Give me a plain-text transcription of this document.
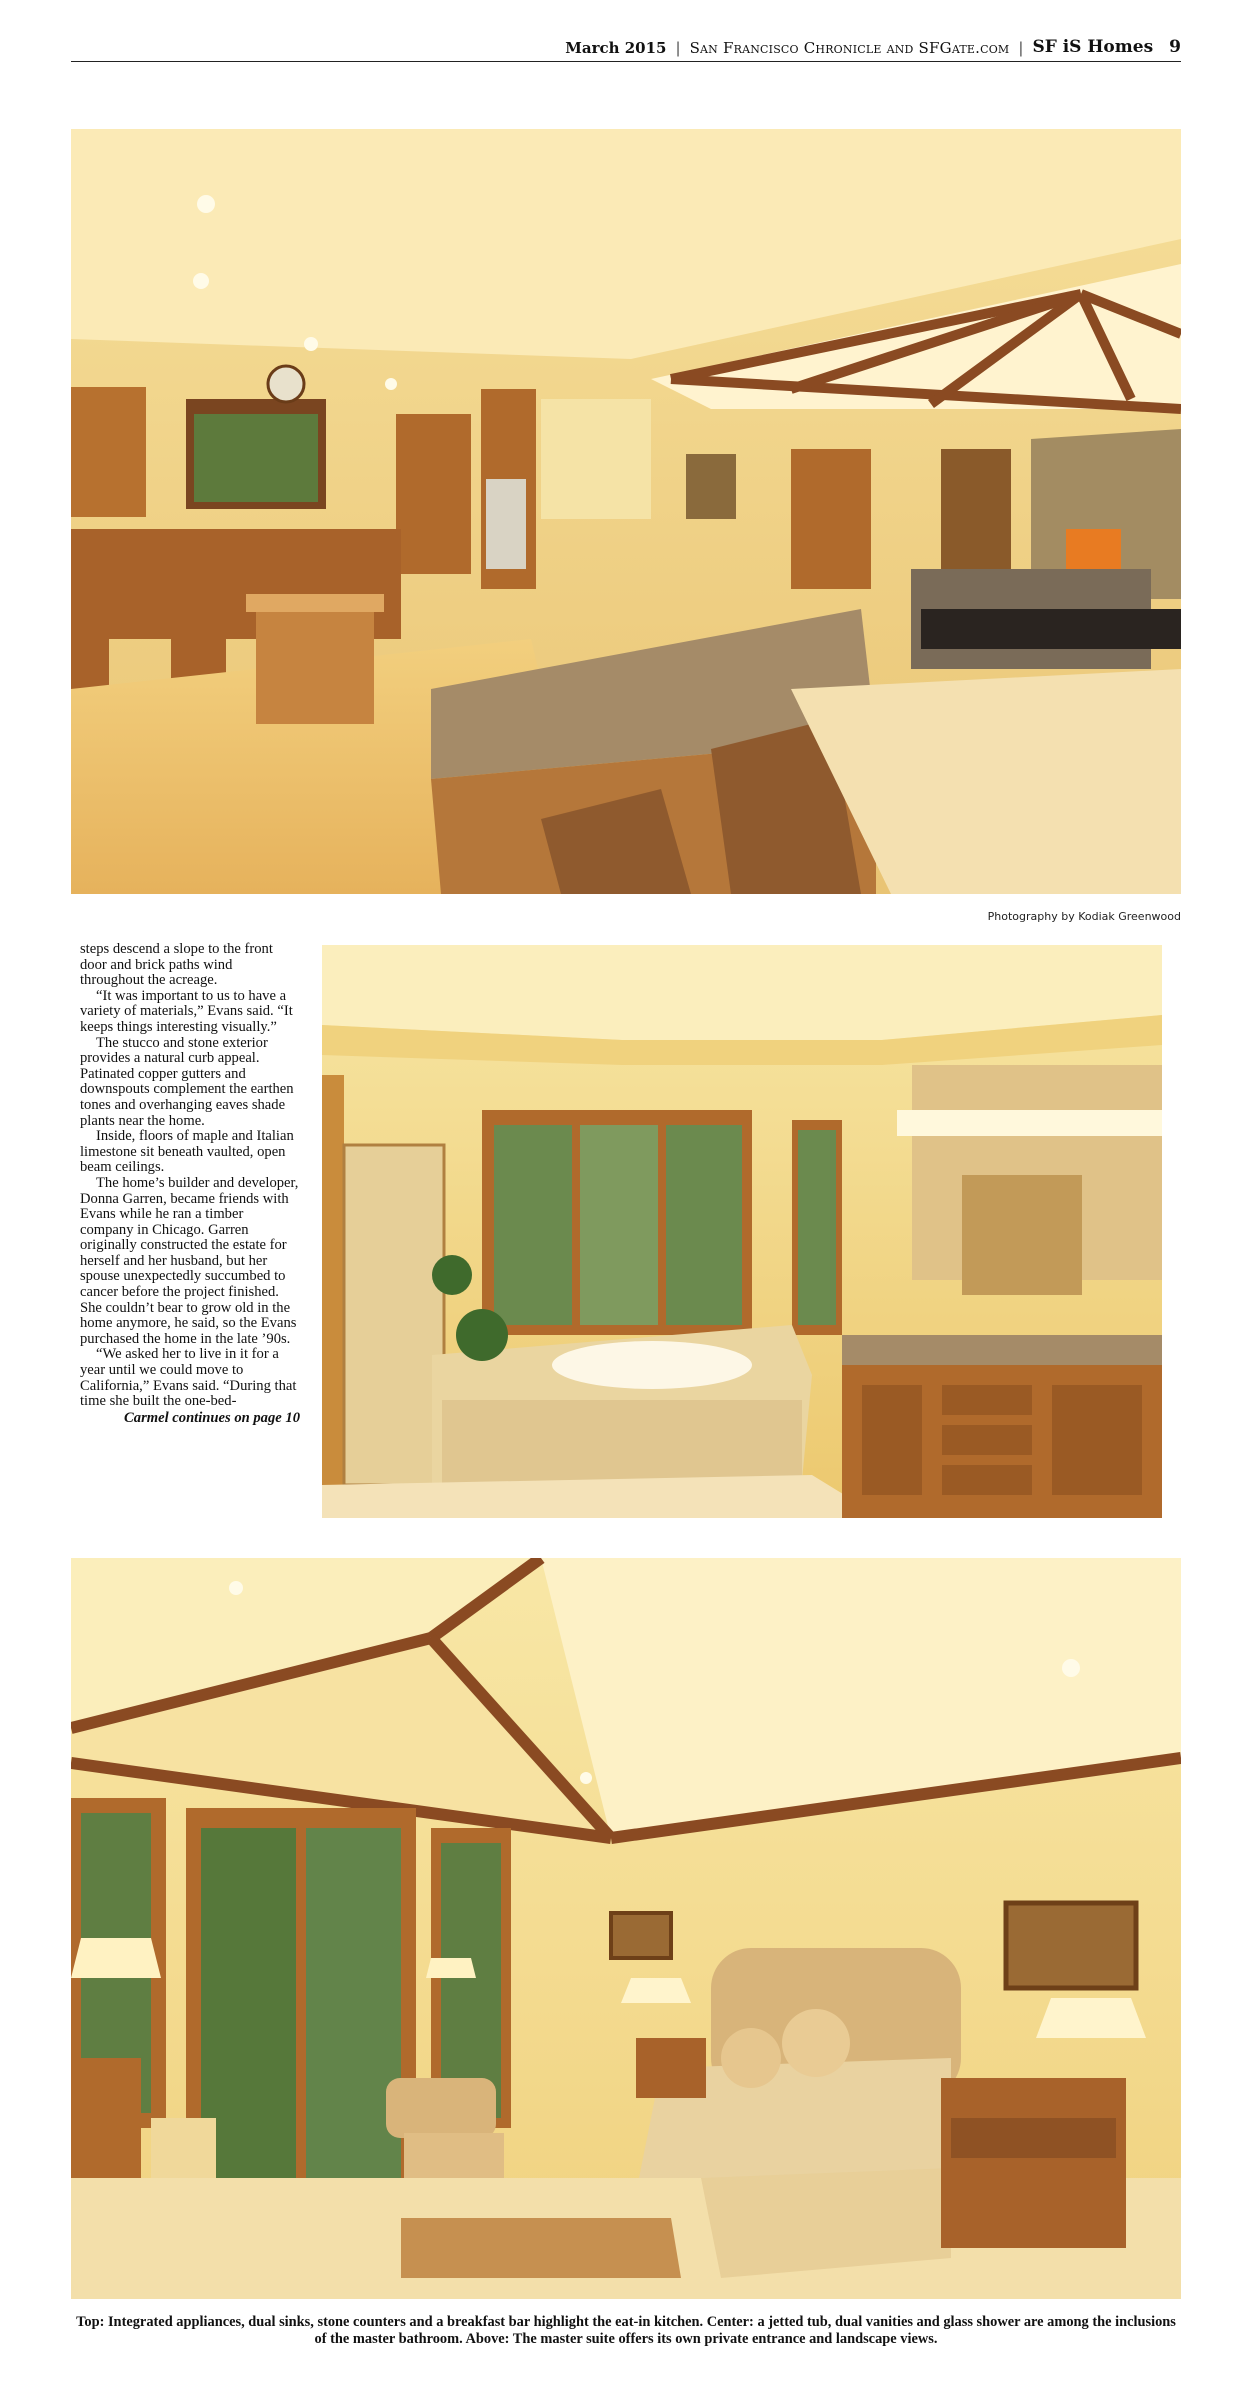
March 2015 | San Francisco Chronicle and SFGate.com | SF iS Homes 9
Photography by Kodiak Greenwood

steps descend a slope to the front door and brick paths wind throughout the acreage.

“It was important to us to have a variety of materials,” Evans said. “It keeps things interesting visually.”

The stucco and stone exterior provides a natural curb appeal. Patinated copper gutters and downspouts complement the earthen tones and overhanging eaves shade plants near the home.

Inside, floors of maple and Italian limestone sit beneath vaulted, open beam ceilings.

The home’s builder and developer, Donna Garren, became friends with Evans while he ran a timber company in Chicago. Garren originally constructed the estate for herself and her husband, but her spouse unexpectedly succumbed to cancer before the project finished. She couldn’t bear to grow old in the home anymore, he said, so the Evans purchased the home in the late ’90s.

“We asked her to live in it for a year until we could move to California,” Evans said. “During that time she built the one-bed-

Carmel continues on page 10
Top: Integrated appliances, dual sinks, stone counters and a breakfast bar highlight the eat-in kitchen. Center: a jetted tub, dual vanities and glass shower are among the inclusions of the master bathroom. Above: The master suite offers its own private entrance and landscape views.
